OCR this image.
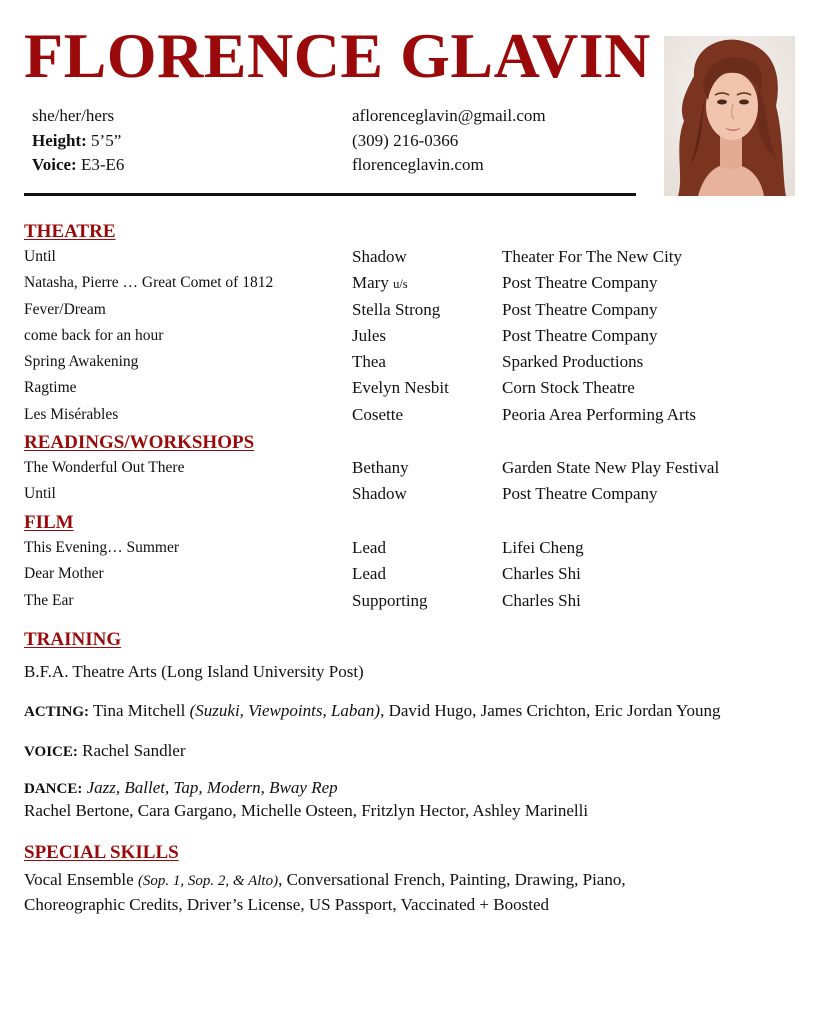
FLORENCE GLAVIN
she/her/hers
Height: 5’5”
Voice: E3-E6
aflorenceglavin@gmail.com
(309) 216-0366
florenceglavin.com
THEATRE
Until	Shadow	Theater For The New City
Natasha, Pierre … Great Comet of 1812	Mary u/s	Post Theatre Company
Fever/Dream	Stella Strong	Post Theatre Company
come back for an hour	Jules	Post Theatre Company
Spring Awakening	Thea	Sparked Productions
Ragtime	Evelyn Nesbit	Corn Stock Theatre
Les Misérables	Cosette	Peoria Area Performing Arts
READINGS/WORKSHOPS
The Wonderful Out There	Bethany	Garden State New Play Festival
Until	Shadow	Post Theatre Company
FILM
This Evening… Summer	Lead	Lifei Cheng
Dear Mother	Lead	Charles Shi
The Ear	Supporting	Charles Shi
TRAINING
B.F.A. Theatre Arts (Long Island University Post)
ACTING: Tina Mitchell (Suzuki, Viewpoints, Laban), David Hugo, James Crichton, Eric Jordan Young
VOICE: Rachel Sandler
DANCE: Jazz, Ballet, Tap, Modern, Bway Rep
Rachel Bertone, Cara Gargano, Michelle Osteen, Fritzlyn Hector, Ashley Marinelli
SPECIAL SKILLS
Vocal Ensemble (Sop. 1, Sop. 2, & Alto), Conversational French, Painting, Drawing, Piano,
Choreographic Credits, Driver’s License, US Passport, Vaccinated + Boosted
